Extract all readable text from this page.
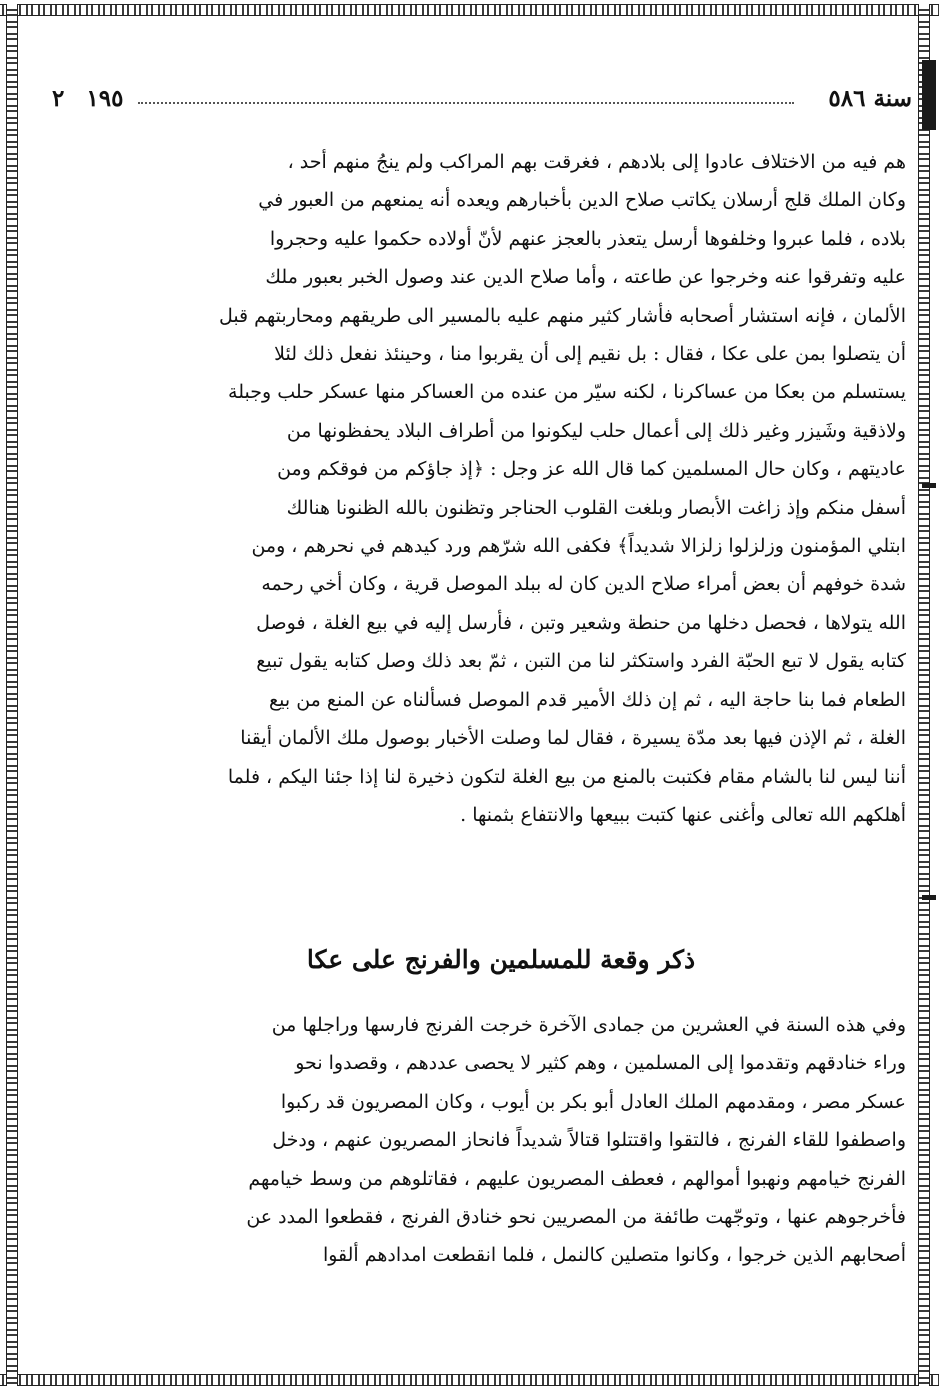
سنة ٥٨٦
٢ ١٩٥
هم فيه من الاختلاف عادوا إلى بلادهم ، فغرقت بهم المراكب ولم ينجُ منهم أحد ،
وكان الملك قلج أرسلان يكاتب صلاح الدين بأخبارهم ويعده أنه يمنعهم من العبور في
بلاده ، فلما عبروا وخلفوها أرسل يتعذر بالعجز عنهم لأنّ أولاده حكموا عليه وحجروا
عليه وتفرقوا عنه وخرجوا عن طاعته ، وأما صلاح الدين عند وصول الخبر بعبور ملك
الألمان ، فإنه استشار أصحابه فأشار كثير منهم عليه بالمسير الى طريقهم ومحاربتهم قبل
أن يتصلوا بمن على عكا ، فقال : بل نقيم إلى أن يقربوا منا ، وحينئذ نفعل ذلك لئلا
يستسلم من بعكا من عساكرنا ، لكنه سيّر من عنده من العساكر منها عسكر حلب وجبلة
ولاذقية وشَيزر وغير ذلك إلى أعمال حلب ليكونوا من أطراف البلاد يحفظونها من
عاديتهم ، وكان حال المسلمين كما قال الله عز وجل : ﴿إذ جاؤكم من فوقكم ومن
أسفل منكم وإذ زاغت الأبصار وبلغت القلوب الحناجر وتظنون بالله الظنونا هنالك
ابتلي المؤمنون وزلزلوا زلزالا شديداً﴾ فكفى الله شرّهم ورد كيدهم في نحرهم ، ومن
شدة خوفهم أن بعض أمراء صلاح الدين كان له ببلد الموصل قرية ، وكان أخي رحمه
الله يتولاها ، فحصل دخلها من حنطة وشعير وتبن ، فأرسل إليه في بيع الغلة ، فوصل
كتابه يقول لا تبع الحبّة الفرد واستكثر لنا من التبن ، ثمّ بعد ذلك وصل كتابه يقول تبيع
الطعام فما بنا حاجة اليه ، ثم إن ذلك الأمير قدم الموصل فسألناه عن المنع من بيع
الغلة ، ثم الإذن فيها بعد مدّة يسيرة ، فقال لما وصلت الأخبار بوصول ملك الألمان أيقنا
أننا ليس لنا بالشام مقام فكتبت بالمنع من بيع الغلة لتكون ذخيرة لنا إذا جئنا اليكم ، فلما
أهلكهم الله تعالى وأغنى عنها كتبت ببيعها والانتفاع بثمنها .
ذكر وقعة للمسلمين والفرنج على عكا
وفي هذه السنة في العشرين من جمادى الآخرة خرجت الفرنج فارسها وراجلها من
وراء خنادقهم وتقدموا إلى المسلمين ، وهم كثير لا يحصى عددهم ، وقصدوا نحو
عسكر مصر ، ومقدمهم الملك العادل أبو بكر بن أيوب ، وكان المصريون قد ركبوا
واصطفوا للقاء الفرنج ، فالتقوا واقتتلوا قتالاً شديداً فانحاز المصريون عنهم ، ودخل
الفرنج خيامهم ونهبوا أموالهم ، فعطف المصريون عليهم ، فقاتلوهم من وسط خيامهم
فأخرجوهم عنها ، وتوجّهت طائفة من المصريين نحو خنادق الفرنج ، فقطعوا المدد عن
أصحابهم الذين خرجوا ، وكانوا متصلين كالنمل ، فلما انقطعت امدادهم ألقوا
